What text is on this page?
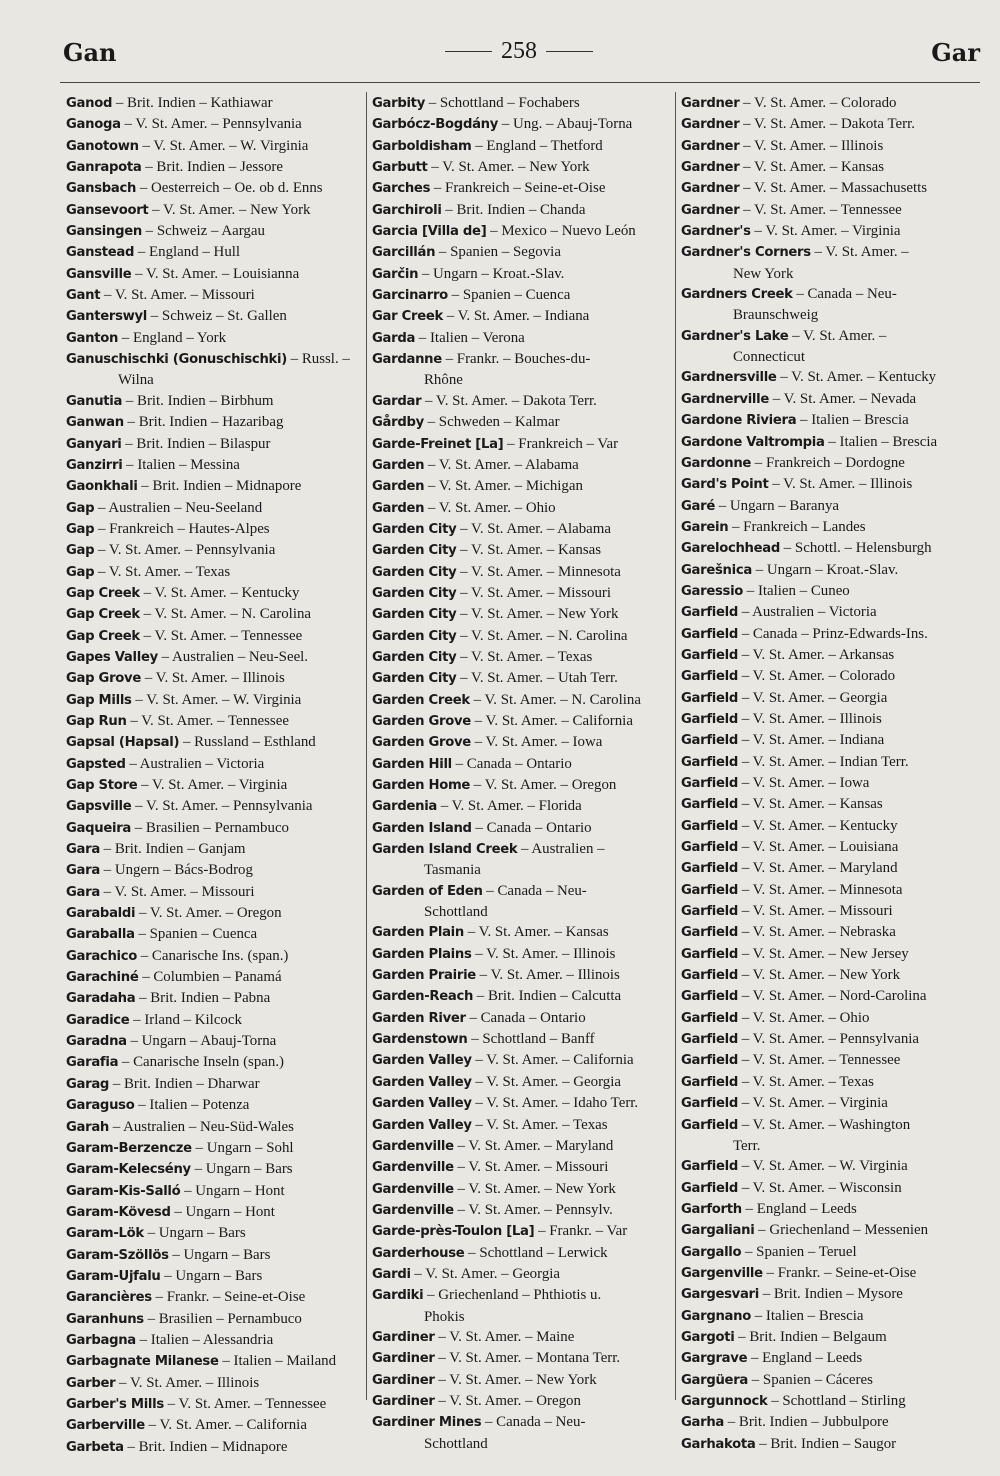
Gan	258	Gar
Ganod – Brit. Indien – Kathiawar
Ganoga – V. St. Amer. – Pennsylvania
Ganotown – V. St. Amer. – W. Virginia
Ganrapota – Brit. Indien – Jessore
Gansbach – Oesterreich – Oe. ob d. Enns
Gansevoort – V. St. Amer. – New York
Gansingen – Schweiz – Aargau
Ganstead – England – Hull
Gansville – V. St. Amer. – Louisianna
Gant – V. St. Amer. – Missouri
Ganterswyl – Schweiz – St. Gallen
Ganton – England – York
Ganuschischki (Gonuschischki) – Russl. –
Wilna
Ganutia – Brit. Indien – Birbhum
Ganwan – Brit. Indien – Hazaribag
Ganyari – Brit. Indien – Bilaspur
Ganzirri – Italien – Messina
Gaonkhali – Brit. Indien – Midnapore
Gap – Australien – Neu-Seeland
Gap – Frankreich – Hautes-Alpes
Gap – V. St. Amer. – Pennsylvania
Gap – V. St. Amer. – Texas
Gap Creek – V. St. Amer. – Kentucky
Gap Creek – V. St. Amer. – N. Carolina
Gap Creek – V. St. Amer. – Tennessee
Gapes Valley – Australien – Neu-Seel.
Gap Grove – V. St. Amer. – Illinois
Gap Mills – V. St. Amer. – W. Virginia
Gap Run – V. St. Amer. – Tennessee
Gapsal (Hapsal) – Russland – Esthland
Gapsted – Australien – Victoria
Gap Store – V. St. Amer. – Virginia
Gapsville – V. St. Amer. – Pennsylvania
Gaqueira – Brasilien – Pernambuco
Gara – Brit. Indien – Ganjam
Gara – Ungern – Bács-Bodrog
Gara – V. St. Amer. – Missouri
Garabaldi – V. St. Amer. – Oregon
Garaballa – Spanien – Cuenca
Garachico – Canarische Ins. (span.)
Garachiné – Columbien – Panamá
Garadaha – Brit. Indien – Pabna
Garadice – Irland – Kilcock
Garadna – Ungarn – Abauj-Torna
Garafia – Canarische Inseln (span.)
Garag – Brit. Indien – Dharwar
Garaguso – Italien – Potenza
Garah – Australien – Neu-Süd-Wales
Garam-Berzencze – Ungarn – Sohl
Garam-Kelecsény – Ungarn – Bars
Garam-Kis-Salló – Ungarn – Hont
Garam-Kövesd – Ungarn – Hont
Garam-Lök – Ungarn – Bars
Garam-Szöllös – Ungarn – Bars
Garam-Ujfalu – Ungarn – Bars
Garancières – Frankr. – Seine-et-Oise
Garanhuns – Brasilien – Pernambuco
Garbagna – Italien – Alessandria
Garbagnate Milanese – Italien – Mailand
Garber – V. St. Amer. – Illinois
Garber's Mills – V. St. Amer. – Tennessee
Garberville – V. St. Amer. – California
Garbeta – Brit. Indien – Midnapore
Garbity – Schottland – Fochabers
Garbócz-Bogdány – Ung. – Abauj-Torna
Garboldisham – England – Thetford
Garbutt – V. St. Amer. – New York
Garches – Frankreich – Seine-et-Oise
Garchiroli – Brit. Indien – Chanda
Garcia [Villa de] – Mexico – Nuevo León
Garcillán – Spanien – Segovia
Garčin – Ungarn – Kroat.-Slav.
Garcinarro – Spanien – Cuenca
Gar Creek – V. St. Amer. – Indiana
Garda – Italien – Verona
Gardanne – Frankr. – Bouches-du-
Rhône
Gardar – V. St. Amer. – Dakota Terr.
Gårdby – Schweden – Kalmar
Garde-Freinet [La] – Frankreich – Var
Garden – V. St. Amer. – Alabama
Garden – V. St. Amer. – Michigan
Garden – V. St. Amer. – Ohio
Garden City – V. St. Amer. – Alabama
Garden City – V. St. Amer. – Kansas
Garden City – V. St. Amer. – Minnesota
Garden City – V. St. Amer. – Missouri
Garden City – V. St. Amer. – New York
Garden City – V. St. Amer. – N. Carolina
Garden City – V. St. Amer. – Texas
Garden City – V. St. Amer. – Utah Terr.
Garden Creek – V. St. Amer. – N. Carolina
Garden Grove – V. St. Amer. – California
Garden Grove – V. St. Amer. – Iowa
Garden Hill – Canada – Ontario
Garden Home – V. St. Amer. – Oregon
Gardenia – V. St. Amer. – Florida
Garden Island – Canada – Ontario
Garden Island Creek – Australien –
Tasmania
Garden of Eden – Canada – Neu-
Schottland
Garden Plain – V. St. Amer. – Kansas
Garden Plains – V. St. Amer. – Illinois
Garden Prairie – V. St. Amer. – Illinois
Garden-Reach – Brit. Indien – Calcutta
Garden River – Canada – Ontario
Gardenstown – Schottland – Banff
Garden Valley – V. St. Amer. – California
Garden Valley – V. St. Amer. – Georgia
Garden Valley – V. St. Amer. – Idaho Terr.
Garden Valley – V. St. Amer. – Texas
Gardenville – V. St. Amer. – Maryland
Gardenville – V. St. Amer. – Missouri
Gardenville – V. St. Amer. – New York
Gardenville – V. St. Amer. – Pennsylv.
Garde-près-Toulon [La] – Frankr. – Var
Garderhouse – Schottland – Lerwick
Gardi – V. St. Amer. – Georgia
Gardiki – Griechenland – Phthiotis u.
Phokis
Gardiner – V. St. Amer. – Maine
Gardiner – V. St. Amer. – Montana Terr.
Gardiner – V. St. Amer. – New York
Gardiner – V. St. Amer. – Oregon
Gardiner Mines – Canada – Neu-
Schottland
Gardner – V. St. Amer. – Colorado
Gardner – V. St. Amer. – Dakota Terr.
Gardner – V. St. Amer. – Illinois
Gardner – V. St. Amer. – Kansas
Gardner – V. St. Amer. – Massachusetts
Gardner – V. St. Amer. – Tennessee
Gardner's – V. St. Amer. – Virginia
Gardner's Corners – V. St. Amer. –
New York
Gardners Creek – Canada – Neu-
Braunschweig
Gardner's Lake – V. St. Amer. –
Connecticut
Gardnersville – V. St. Amer. – Kentucky
Gardnerville – V. St. Amer. – Nevada
Gardone Riviera – Italien – Brescia
Gardone Valtrompia – Italien – Brescia
Gardonne – Frankreich – Dordogne
Gard's Point – V. St. Amer. – Illinois
Garé – Ungarn – Baranya
Garein – Frankreich – Landes
Garelochhead – Schottl. – Helensburgh
Garešnica – Ungarn – Kroat.-Slav.
Garessio – Italien – Cuneo
Garfield – Australien – Victoria
Garfield – Canada – Prinz-Edwards-Ins.
Garfield – V. St. Amer. – Arkansas
Garfield – V. St. Amer. – Colorado
Garfield – V. St. Amer. – Georgia
Garfield – V. St. Amer. – Illinois
Garfield – V. St. Amer. – Indiana
Garfield – V. St. Amer. – Indian Terr.
Garfield – V. St. Amer. – Iowa
Garfield – V. St. Amer. – Kansas
Garfield – V. St. Amer. – Kentucky
Garfield – V. St. Amer. – Louisiana
Garfield – V. St. Amer. – Maryland
Garfield – V. St. Amer. – Minnesota
Garfield – V. St. Amer. – Missouri
Garfield – V. St. Amer. – Nebraska
Garfield – V. St. Amer. – New Jersey
Garfield – V. St. Amer. – New York
Garfield – V. St. Amer. – Nord-Carolina
Garfield – V. St. Amer. – Ohio
Garfield – V. St. Amer. – Pennsylvania
Garfield – V. St. Amer. – Tennessee
Garfield – V. St. Amer. – Texas
Garfield – V. St. Amer. – Virginia
Garfield – V. St. Amer. – Washington
Terr.
Garfield – V. St. Amer. – W. Virginia
Garfield – V. St. Amer. – Wisconsin
Garforth – England – Leeds
Gargaliani – Griechenland – Messenien
Gargallo – Spanien – Teruel
Gargenville – Frankr. – Seine-et-Oise
Gargesvari – Brit. Indien – Mysore
Gargnano – Italien – Brescia
Gargoti – Brit. Indien – Belgaum
Gargrave – England – Leeds
Gargüera – Spanien – Cáceres
Gargunnock – Schottland – Stirling
Garha – Brit. Indien – Jubbulpore
Garhakota – Brit. Indien – Saugor
